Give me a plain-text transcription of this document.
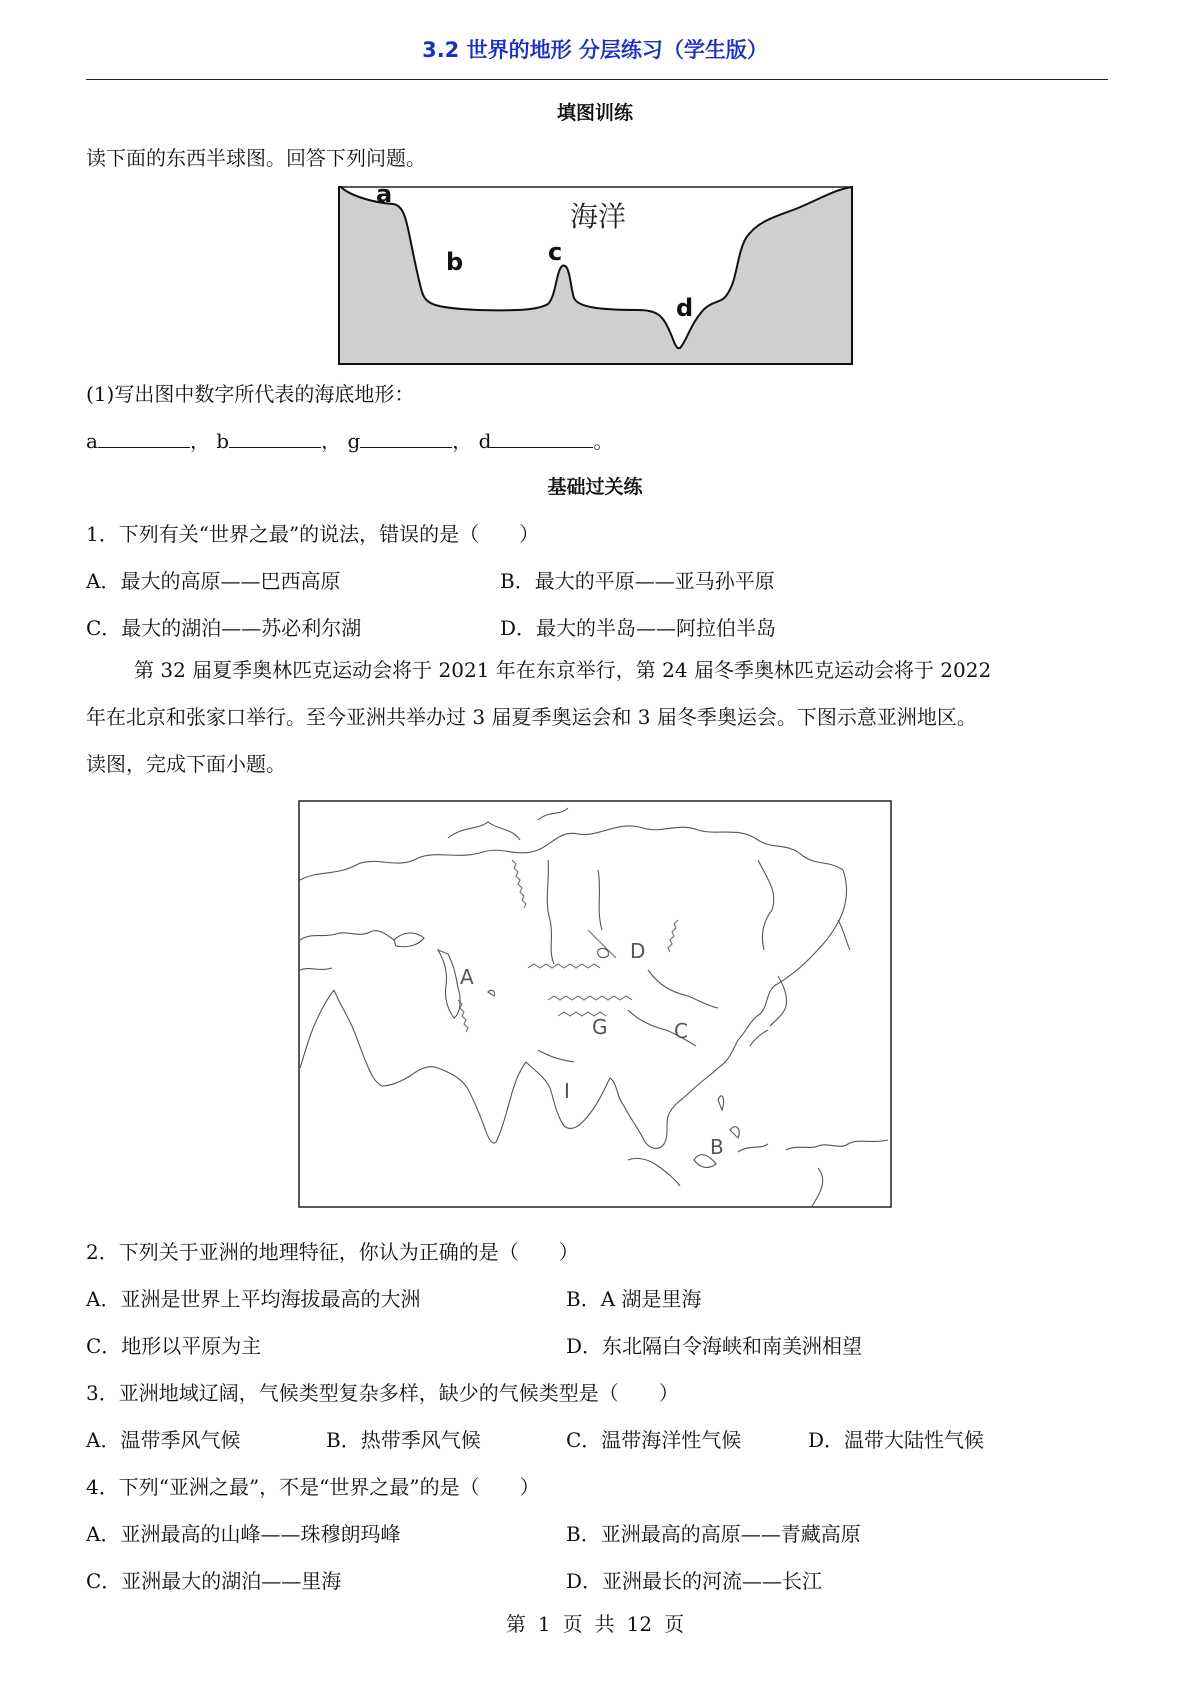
3.2 世界的地形 分层练习（学生版）
填图训练
读下面的东西半球图。回答下列问题。
海洋
a
b	c
d
(1)写出图中数字所代表的海底地形：
a	， b	， g	， d	。
基础过关练
1．下列有关“世界之最”的说法，错误的是（　　）
A．最大的高原——巴西高原	B．最大的平原——亚马孙平原
C．最大的湖泊——苏必利尔湖	D．最大的半岛——阿拉伯半岛

第 32 届夏季奥林匹克运动会将于 2021 年在东京举行，第 24 届冬季奥林匹克运动会将于 2022

年在北京和张家口举行。至今亚洲共举办过 3 届夏季奥运会和 3 届冬季奥运会。下图示意亚洲地区。

读图，完成下面小题。

A
B
C
D
G
I
2．下列关于亚洲的地理特征，你认为正确的是（　　）
A．亚洲是世界上平均海拔最高的大洲	B．A 湖是里海
C．地形以平原为主	D．东北隔白令海峡和南美洲相望
3．亚洲地域辽阔，气候类型复杂多样，缺少的气候类型是（　　）
A．温带季风气候	B．热带季风气候	C．温带海洋性气候	D．温带大陆性气候
4．下列“亚洲之最”，不是“世界之最”的是（　　）
A．亚洲最高的山峰——珠穆朗玛峰	B．亚洲最高的高原——青藏高原
C．亚洲最大的湖泊——里海	D．亚洲最长的河流——长江
第 1 页 共 12 页
